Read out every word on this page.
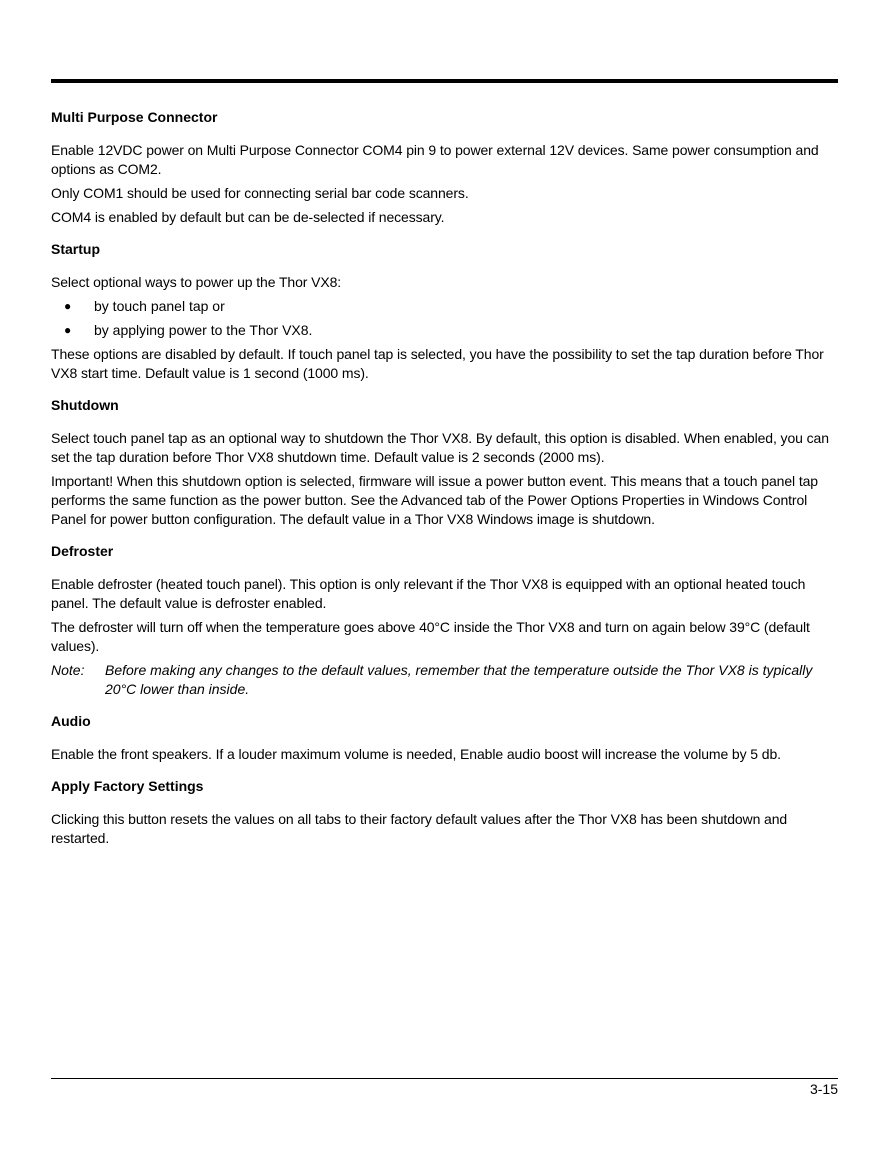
Multi Purpose Connector

Enable 12VDC power on Multi Purpose Connector COM4 pin 9 to power external 12V devices. Same power consumption and options as COM2.

Only COM1 should be used for connecting serial bar code scanners.

COM4 is enabled by default but can be de-selected if necessary.

Startup

Select optional ways to power up the Thor VX8:

● by touch panel tap or
● by applying power to the Thor VX8.

These options are disabled by default. If touch panel tap is selected, you have the possibility to set the tap duration before Thor VX8 start time. Default value is 1 second (1000 ms).

Shutdown

Select touch panel tap as an optional way to shutdown the Thor VX8. By default, this option is disabled. When enabled, you can set the tap duration before Thor VX8 shutdown time. Default value is 2 seconds (2000 ms).

Important! When this shutdown option is selected, firmware will issue a power button event. This means that a touch panel tap performs the same function as the power button. See the Advanced tab of the Power Options Properties in Windows Control Panel for power button configuration. The default value in a Thor VX8 Windows image is shutdown.

Defroster

Enable defroster (heated touch panel). This option is only relevant if the Thor VX8 is equipped with an optional heated touch panel. The default value is defroster enabled.

The defroster will turn off when the temperature goes above 40°C inside the Thor VX8 and turn on again below 39°C (default values).

Note:	Before making any changes to the default values, remember that the temperature outside the Thor VX8 is typically 20°C lower than inside.
Audio

Enable the front speakers. If a louder maximum volume is needed, Enable audio boost will increase the volume by 5 db.

Apply Factory Settings

Clicking this button resets the values on all tabs to their factory default values after the Thor VX8 has been shutdown and restarted.

3-15
